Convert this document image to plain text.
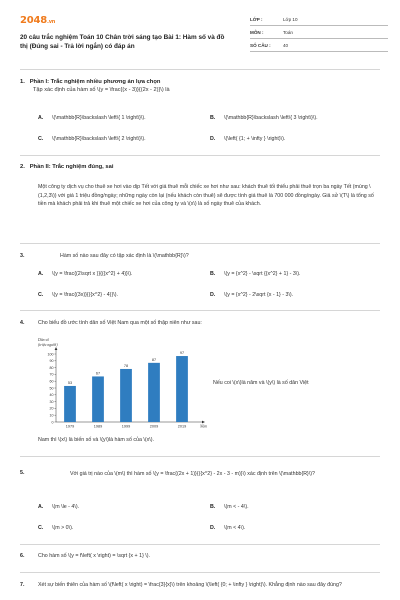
2048.vn
20 câu trắc nghiệm Toán 10 Chân trời sáng tạo Bài 1: Hàm số và đồ thị (Đúng sai - Trả lời ngắn) có đáp án
LỚP :	Lớp 10
MÔN :	Toán
SỐ CÂU :	40
1. Phần I: Trắc nghiệm nhiều phương án lựa chọn
Tập xác định của hàm số \(y = \frac{(x - 3)}{(2x - 2)}\) là
A.	\(\mathbb{R}\backslash \left\{ 1 \right\}\).	B.	\(\mathbb{R}\backslash \left\{ 3 \right\}\).
C.	\(\mathbb{R}\backslash \left\{ 2 \right\}\).	D.	\(\left( {1; + \infty } \right)\).
2. Phần II: Trắc nghiệm đúng, sai
Một công ty dịch vụ cho thuê xe hơi vào dịp Tết với giá thuê mỗi chiếc xe hơi như sau: khách thuê tối thiểu phải thuê trọn ba ngày Tết (mùng \(1,2,3\)) với giá 1 triệu đồng/ngày; những ngày còn lại (nếu khách còn thuê) sẽ được tính giá thuê là 700 000 đồng/ngày. Giả sử \(T\) là tổng số tiền mà khách phải trả khi thuê một chiếc xe hơi của công ty và \(x\) là số ngày thuê của khách.
3.	Hàm số nào sau đây có tập xác định là \(\mathbb{R}\)?
A.	\(y = \frac{(2\sqrt x )}{({x^2} + 4)}\).	B.	\(y = {x^2} - \sqrt {{x^2} + 1} - 3\).
C.	\(y = \frac{(3x)}{({x^2} - 4)}\).	D.	\(y = {x^2} - 2\sqrt {x - 1} - 3\).
4.	Cho biểu đồ ước tính dân số Việt Nam qua một số thập niên như sau:
Dân số
(triệu người)
0
10
20
30
40
50
60
70
80
90
100
53
1979
67
1989
78
1999
87
2009
97
2019	Năm
Nếu coi \(x\)là năm và \(y\) là số dân Việt
Nam thì \(x\) là biến số và \(y\)là hàm số của \(x\).
5.	Với giá trị nào của \(m\) thì hàm số \(y = \frac{(2x + 1)}{({x^2} - 2x - 3 - m)}\) xác định trên \(\mathbb{R}\)?
A.	\(m \le - 4\).	B.	\(m < - 4\).
C.	\(m > 0\).	D.	\(m < 4\).
6.	Cho hàm số \(y = f\left( x \right) = \sqrt {x + 1} \).
7.	Xét sự biến thiên của hàm số \(f\left( x \right) = \frac{3}{x}\) trên khoảng \(\left( {0; + \infty } \right)\). Khẳng định nào sau đây đúng?
